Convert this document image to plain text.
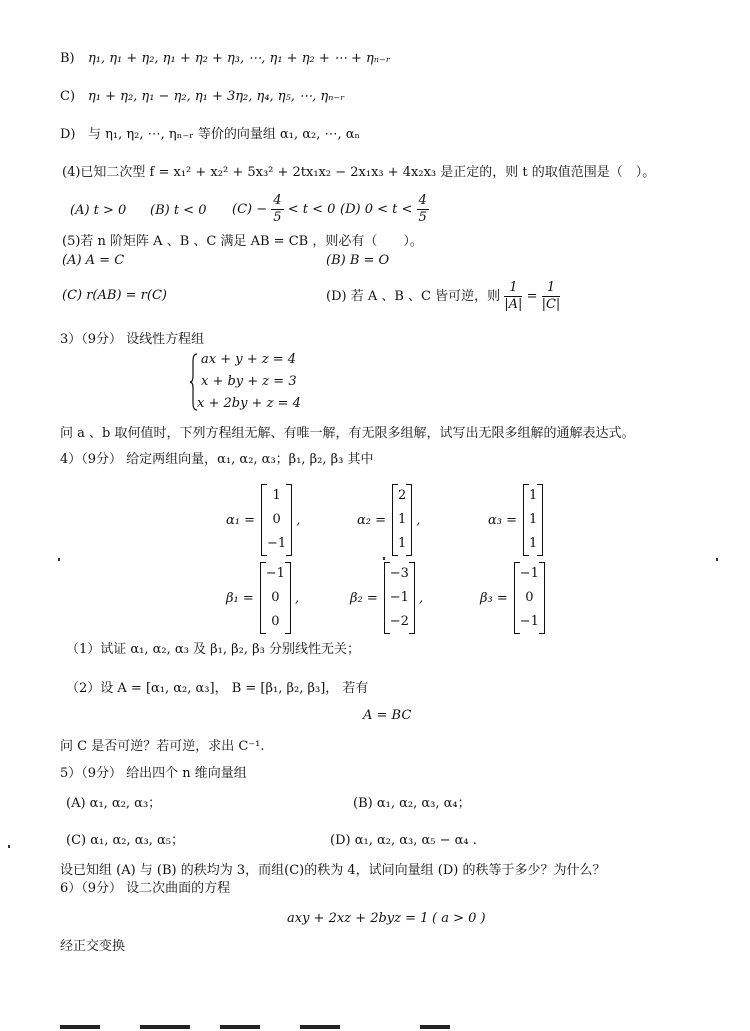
B) η₁, η₁ + η₂, η₁ + η₂ + η₃, ⋯, η₁ + η₂ + ⋯ + ηₙ₋ᵣ
C) η₁ + η₂, η₁ − η₂, η₁ + 3η₂, η₄, η₅, ⋯, ηₙ₋ᵣ
D) 与 η₁, η₂, ⋯, ηₙ₋ᵣ 等价的向量组 α₁, α₂, ⋯, αₙ
(4)已知二次型 f = x₁² + x₂² + 5x₃² + 2tx₁x₂ − 2x₁x₃ + 4x₂x₃ 是正定的，则 t 的取值范围是（　）。
(A) t > 0 (B) t < 0 $(C) - \frac{4}{5} < t < 0$ (D) $0 < t < \frac{4}{5}$
(5)若 n 阶矩阵 A 、B 、C 满足 AB = CB ，则必有（　　）。
(A) A = C	(B) B = O
(C) r(AB) = r(C)	(D) 若 A 、B 、C 皆可逆，则 $\frac{1}{|A|} = \frac{1}{|C|}$
3）（9分） 设线性方程组
ax + y + z = 4
x + by + z = 3
x + 2by + z = 4
问 a 、b 取何值时，下列方程组无解、有唯一解，有无限多组解，试写出无限多组解的通解表达式。
4）（9分） 给定两组向量，α₁, α₂, α₃；β₁, β₂, β₃ 其中
α₁ =
1
0
−1
,	α₂ =
2
1
1
,	α₃ =
1
1
1
β₁ =
−1
0
0
,	β₂ =
−3
−1
−2
,	β₃ =
−1
0
−1
（1）试证 α₁, α₂, α₃ 及 β₁, β₂, β₃ 分别线性无关；
（2）设 A = [α₁, α₂, α₃]， B = [β₁, β₂, β₃]， 若有
A = BC
问 C 是否可逆？若可逆，求出 C⁻¹.
5）（9分） 给出四个 n 维向量组
(A) α₁, α₂, α₃；	(B) α₁, α₂, α₃, α₄；
(C) α₁, α₂, α₃, α₅；	(D) α₁, α₂, α₃, α₅ − α₄ .
设已知组 (A) 与 (B) 的秩均为 3，而组(C)的秩为 4，试问向量组 (D) 的秩等于多少？为什么？
6）（9分） 设二次曲面的方程
axy + 2xz + 2byz = 1 ( a > 0 )
经正交变换
